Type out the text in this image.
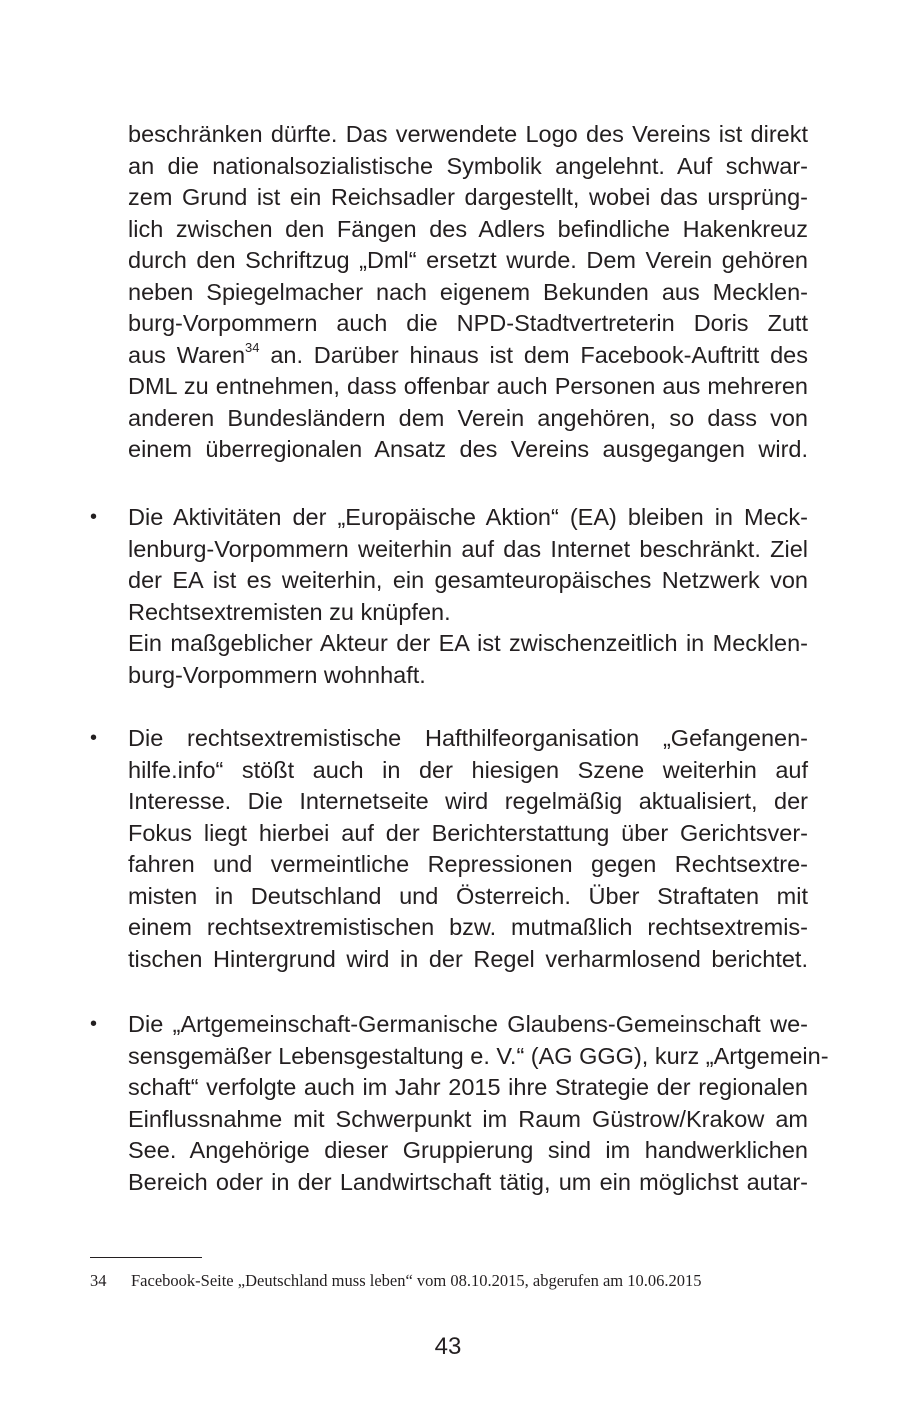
beschränken dürfte. Das verwendete Logo des Vereins ist direkt
an die nationalsozialistische Symbolik angelehnt. Auf schwar-
zem Grund ist ein Reichsadler dargestellt, wobei das ursprüng-
lich zwischen den Fängen des Adlers befindliche Hakenkreuz
durch den Schriftzug „Dml“ ersetzt wurde. Dem Verein gehören
neben Spiegelmacher nach eigenem Bekunden aus Mecklen-
burg-Vorpommern auch die NPD-Stadtvertreterin Doris Zutt
aus Waren$^{34}$ an. Darüber hinaus ist dem Facebook-Auftritt des
DML zu entnehmen, dass offenbar auch Personen aus mehreren
anderen Bundesländern dem Verein angehören, so dass von
einem überregionalen Ansatz des Vereins ausgegangen wird.
• Die Aktivitäten der „Europäische Aktion“ (EA) bleiben in Meck-
lenburg-Vorpommern weiterhin auf das Internet beschränkt. Ziel
der EA ist es weiterhin, ein gesamteuropäisches Netzwerk von
Rechtsextremisten zu knüpfen.
Ein maßgeblicher Akteur der EA ist zwischenzeitlich in Mecklen-
burg-Vorpommern wohnhaft.
• Die rechtsextremistische Hafthilfeorganisation „Gefangenen-
hilfe.info“ stößt auch in der hiesigen Szene weiterhin auf
Interesse. Die Internetseite wird regelmäßig aktualisiert, der
Fokus liegt hierbei auf der Berichterstattung über Gerichtsver-
fahren und vermeintliche Repressionen gegen Rechtsextre-
misten in Deutschland und Österreich. Über Straftaten mit
einem rechtsextremistischen bzw. mutmaßlich rechtsextremis-
tischen Hintergrund wird in der Regel verharmlosend berichtet.
• Die „Artgemeinschaft-Germanische Glaubens-Gemeinschaft we-
sensgemäßer Lebensgestaltung e. V.“ (AG GGG), kurz „Artgemein-
schaft“ verfolgte auch im Jahr 2015 ihre Strategie der regionalen
Einflussnahme mit Schwerpunkt im Raum Güstrow/Krakow am
See. Angehörige dieser Gruppierung sind im handwerklichen
Bereich oder in der Landwirtschaft tätig, um ein möglichst autar-
34 Facebook-Seite „Deutschland muss leben“ vom 08.10.2015, abgerufen am 10.06.2015
43
